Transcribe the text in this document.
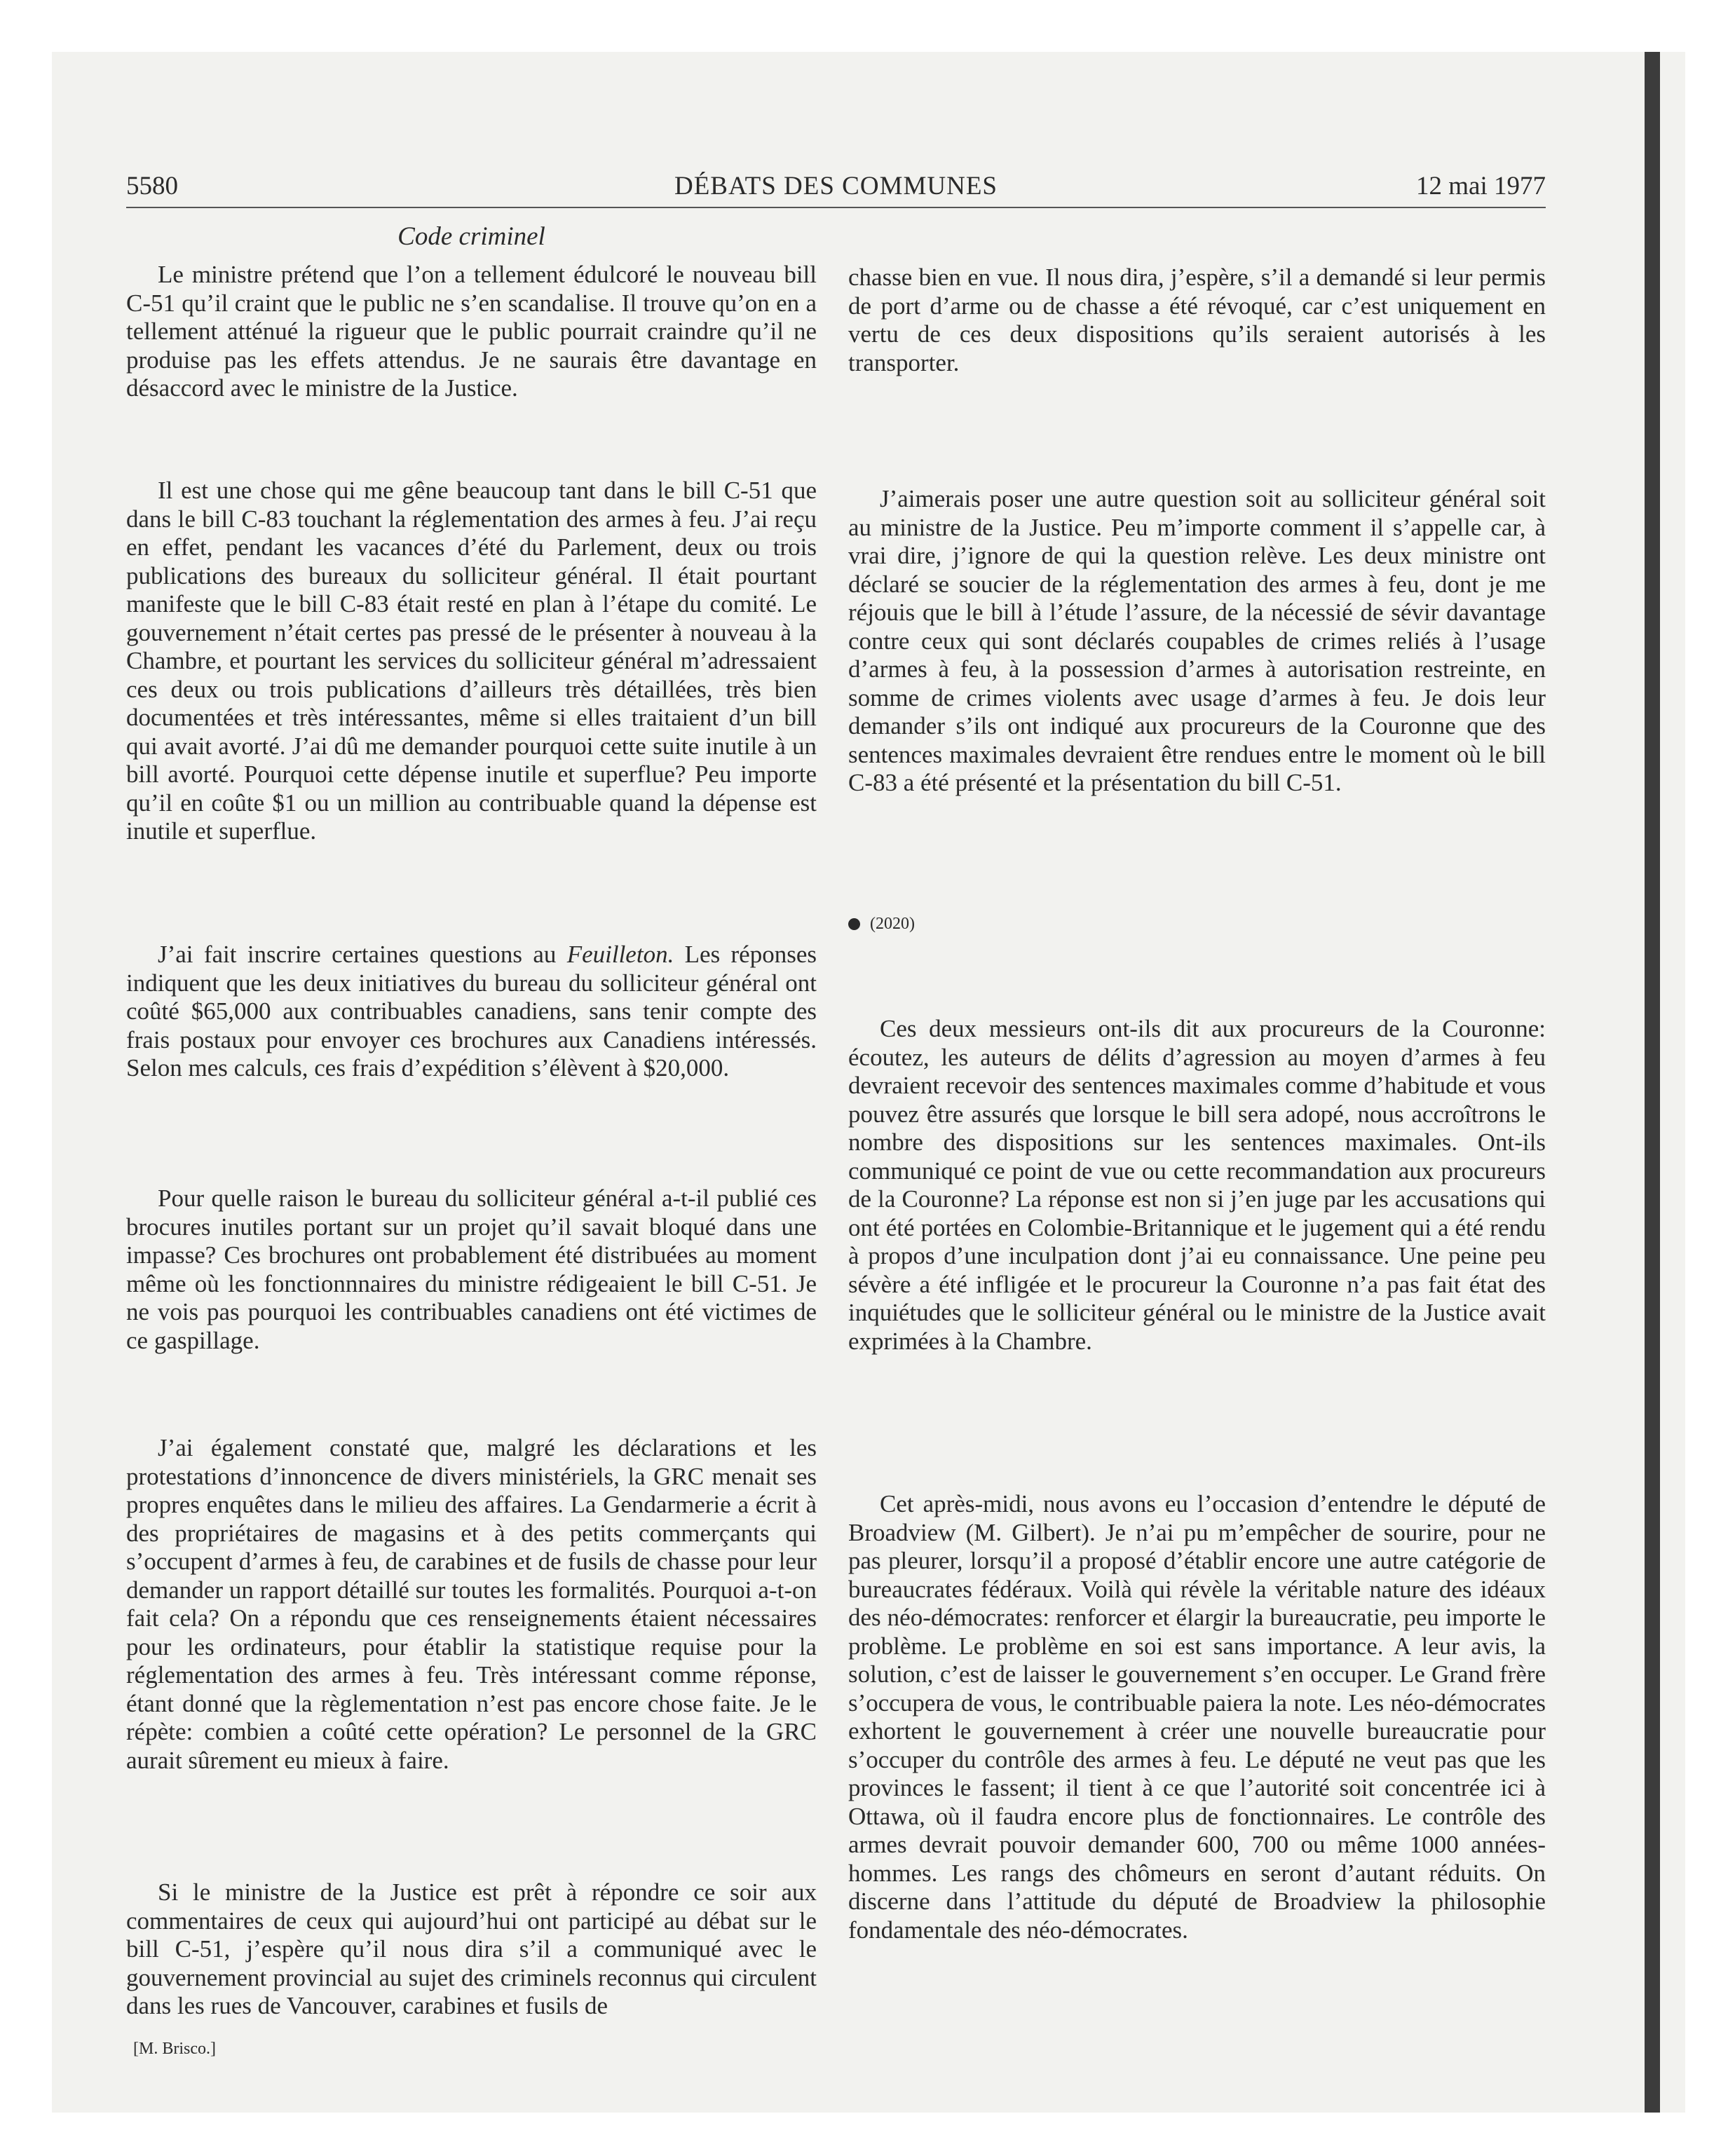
5580	DÉBATS DES COMMUNES	12 mai 1977
Code criminel

Le ministre prétend que l’on a tellement édulcoré le nouveau bill C-51 qu’il craint que le public ne s’en scandalise. Il trouve qu’on en a tellement atténué la rigueur que le public pourrait craindre qu’il ne produise pas les effets attendus. Je ne saurais être davantage en désaccord avec le ministre de la Justice.

Il est une chose qui me gêne beaucoup tant dans le bill C-51 que dans le bill C-83 touchant la réglementation des armes à feu. J’ai reçu en effet, pendant les vacances d’été du Parlement, deux ou trois publications des bureaux du solliciteur général. Il était pourtant manifeste que le bill C-83 était resté en plan à l’étape du comité. Le gouvernement n’était certes pas pressé de le présenter à nouveau à la Chambre, et pourtant les services du solliciteur général m’adressaient ces deux ou trois publications d’ailleurs très détaillées, très bien documentées et très intéressantes, même si elles traitaient d’un bill qui avait avorté. J’ai dû me demander pourquoi cette suite inutile à un bill avorté. Pourquoi cette dépense inutile et superflue? Peu importe qu’il en coûte $1 ou un million au contribuable quand la dépense est inutile et superflue.

J’ai fait inscrire certaines questions au Feuilleton. Les réponses indiquent que les deux initiatives du bureau du solliciteur général ont coûté $65,000 aux contribuables canadiens, sans tenir compte des frais postaux pour envoyer ces brochures aux Canadiens intéressés. Selon mes calculs, ces frais d’expédition s’élèvent à $20,000.

Pour quelle raison le bureau du solliciteur général a-t-il publié ces brocures inutiles portant sur un projet qu’il savait bloqué dans une impasse? Ces brochures ont probablement été distribuées au moment même où les fonctionnnaires du ministre rédigeaient le bill C-51. Je ne vois pas pourquoi les contribuables canadiens ont été victimes de ce gaspillage.

J’ai également constaté que, malgré les déclarations et les protestations d’innoncence de divers ministériels, la GRC menait ses propres enquêtes dans le milieu des affaires. La Gendarmerie a écrit à des propriétaires de magasins et à des petits commerçants qui s’occupent d’armes à feu, de carabines et de fusils de chasse pour leur demander un rapport détaillé sur toutes les formalités. Pourquoi a-t-on fait cela? On a répondu que ces renseignements étaient nécessaires pour les ordinateurs, pour établir la statistique requise pour la réglementation des armes à feu. Très intéressant comme réponse, étant donné que la règlementation n’est pas encore chose faite. Je le répète: combien a coûté cette opération? Le personnel de la GRC aurait sûrement eu mieux à faire.

Si le ministre de la Justice est prêt à répondre ce soir aux commentaires de ceux qui aujourd’hui ont participé au débat sur le bill C-51, j’espère qu’il nous dira s’il a communiqué avec le gouvernement provincial au sujet des criminels reconnus qui circulent dans les rues de Vancouver, carabines et fusils de

[M. Brisco.]

chasse bien en vue. Il nous dira, j’espère, s’il a demandé si leur permis de port d’arme ou de chasse a été révoqué, car c’est uniquement en vertu de ces deux dispositions qu’ils seraient autorisés à les transporter.

J’aimerais poser une autre question soit au solliciteur général soit au ministre de la Justice. Peu m’importe comment il s’appelle car, à vrai dire, j’ignore de qui la question relève. Les deux ministre ont déclaré se soucier de la réglementation des armes à feu, dont je me réjouis que le bill à l’étude l’assure, de la nécessié de sévir davantage contre ceux qui sont déclarés coupables de crimes reliés à l’usage d’armes à feu, à la possession d’armes à autorisation restreinte, en somme de crimes violents avec usage d’armes à feu. Je dois leur demander s’ils ont indiqué aux procureurs de la Couronne que des sentences maximales devraient être rendues entre le moment où le bill C-83 a été présenté et la présentation du bill C-51.

(2020)

Ces deux messieurs ont-ils dit aux procureurs de la Couronne: écoutez, les auteurs de délits d’agression au moyen d’armes à feu devraient recevoir des sentences maximales comme d’habitude et vous pouvez être assurés que lorsque le bill sera adopé, nous accroîtrons le nombre des dispositions sur les sentences maximales. Ont-ils communiqué ce point de vue ou cette recommandation aux procureurs de la Couronne? La réponse est non si j’en juge par les accusations qui ont été portées en Colombie-Britannique et le jugement qui a été rendu à propos d’une inculpation dont j’ai eu connaissance. Une peine peu sévère a été infligée et le procureur la Couronne n’a pas fait état des inquiétudes que le solliciteur général ou le ministre de la Justice avait exprimées à la Chambre.

Cet après-midi, nous avons eu l’occasion d’entendre le député de Broadview (M. Gilbert). Je n’ai pu m’empêcher de sourire, pour ne pas pleurer, lorsqu’il a proposé d’établir encore une autre catégorie de bureaucrates fédéraux. Voilà qui révèle la véritable nature des idéaux des néo-démocrates: renforcer et élargir la bureaucratie, peu importe le problème. Le problème en soi est sans importance. A leur avis, la solution, c’est de laisser le gouvernement s’en occuper. Le Grand frère s’occupera de vous, le contribuable paiera la note. Les néo-démocrates exhortent le gouvernement à créer une nouvelle bureaucratie pour s’occuper du contrôle des armes à feu. Le député ne veut pas que les provinces le fassent; il tient à ce que l’autorité soit concentrée ici à Ottawa, où il faudra encore plus de fonctionnaires. Le contrôle des armes devrait pouvoir demander 600, 700 ou même 1000 années-hommes. Les rangs des chômeurs en seront d’autant réduits. On discerne dans l’attitude du député de Broadview la philosophie fondamentale des néo-démocrates.
